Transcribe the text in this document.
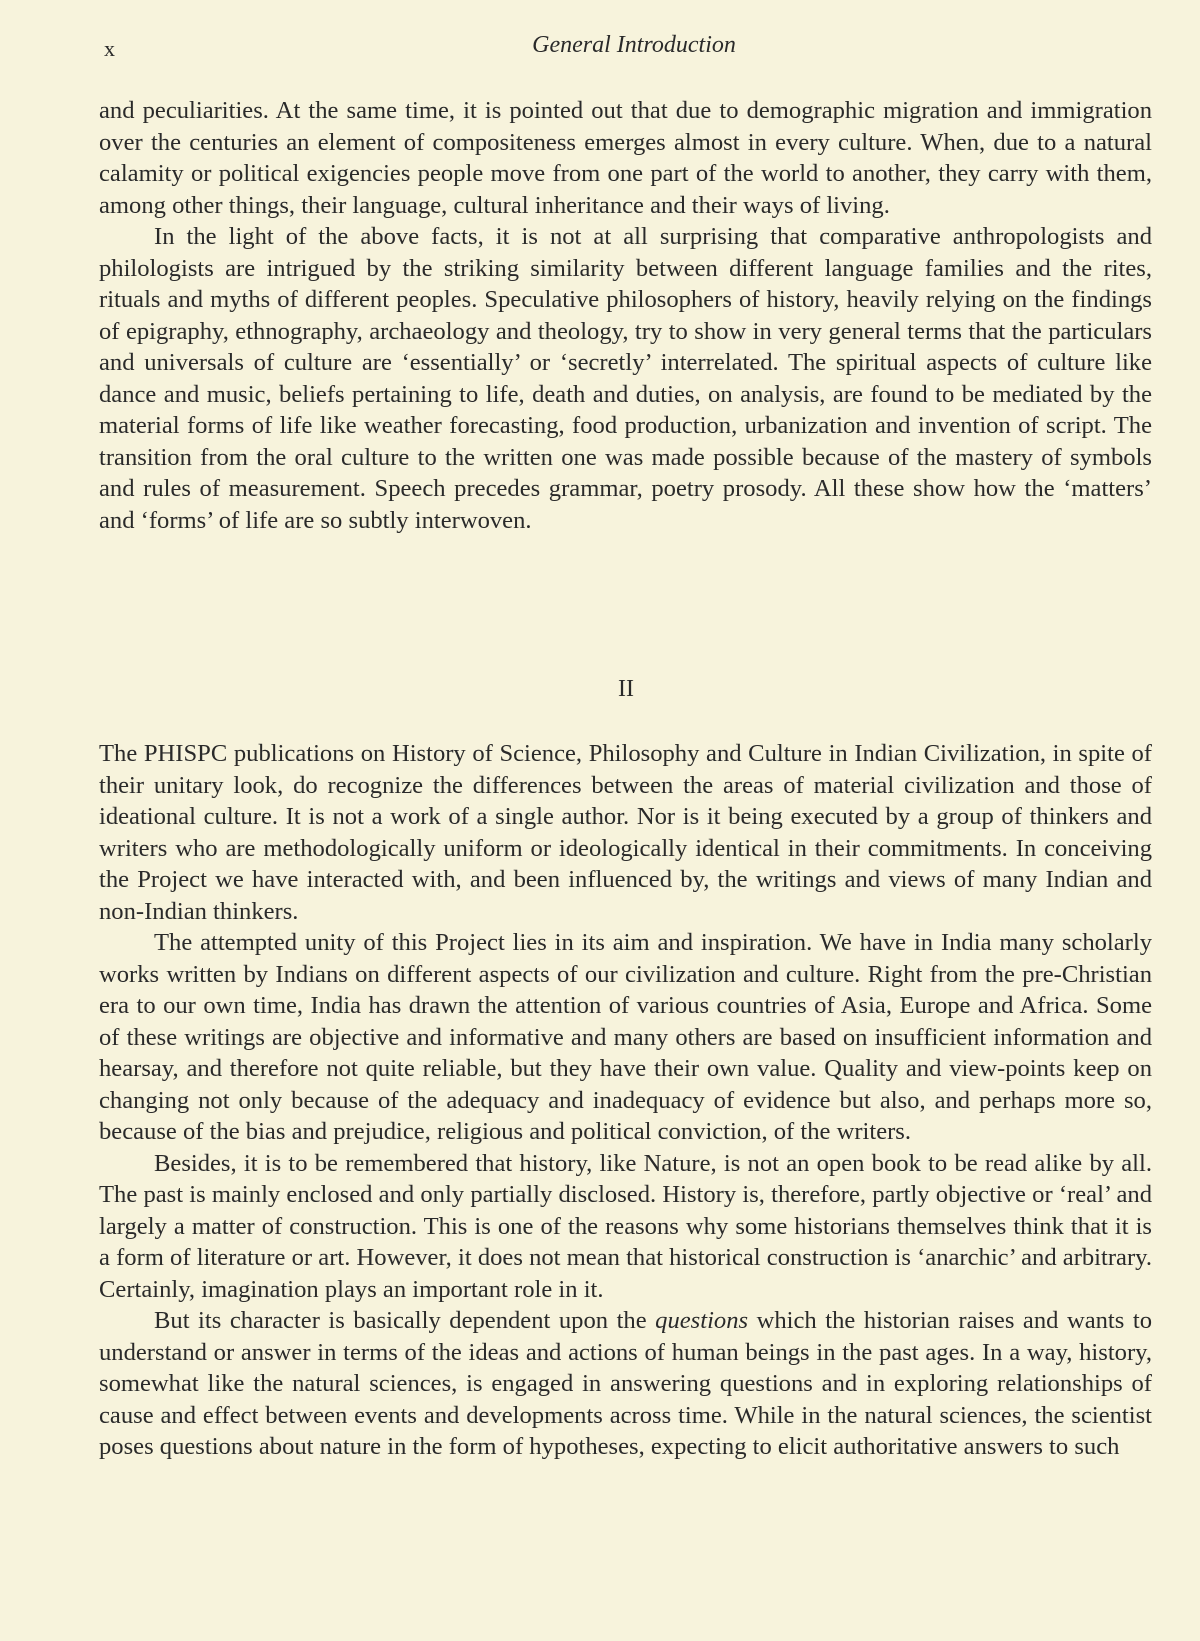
x	General Introduction

and peculiarities. At the same time, it is pointed out that due to demographic migration and immigration over the centuries an element of compositeness emerges almost in every culture. When, due to a natural calamity or political exigencies people move from one part of the world to another, they carry with them, among other things, their language, cultural inheritance and their ways of living.

In the light of the above facts, it is not at all surprising that comparative anthropologists and philologists are intrigued by the striking similarity between different language families and the rites, rituals and myths of different peoples. Speculative philosophers of history, heavily relying on the findings of epigraphy, ethnography, archaeology and theology, try to show in very general terms that the particulars and universals of culture are ‘essentially’ or ‘secretly’ interrelated. The spiritual aspects of culture like dance and music, beliefs pertaining to life, death and duties, on analysis, are found to be mediated by the material forms of life like weather forecasting, food production, urbanization and invention of script. The transition from the oral culture to the written one was made possible because of the mastery of symbols and rules of measurement. Speech precedes grammar, poetry prosody. All these show how the ‘matters’ and ‘forms’ of life are so subtly interwoven.

II

The PHISPC publications on History of Science, Philosophy and Culture in Indian Civilization, in spite of their unitary look, do recognize the differences between the areas of material civilization and those of ideational culture. It is not a work of a single author. Nor is it being executed by a group of thinkers and writers who are methodologically uniform or ideologically identical in their commitments. In conceiving the Project we have interacted with, and been influenced by, the writings and views of many Indian and non-Indian thinkers.

The attempted unity of this Project lies in its aim and inspiration. We have in India many scholarly works written by Indians on different aspects of our civilization and culture. Right from the pre-Christian era to our own time, India has drawn the attention of various countries of Asia, Europe and Africa. Some of these writings are objective and informative and many others are based on insufficient information and hearsay, and therefore not quite reliable, but they have their own value. Quality and view-points keep on changing not only because of the adequacy and inadequacy of evidence but also, and perhaps more so, because of the bias and prejudice, religious and political conviction, of the writers.

Besides, it is to be remembered that history, like Nature, is not an open book to be read alike by all. The past is mainly enclosed and only partially disclosed. History is, therefore, partly objective or ‘real’ and largely a matter of construction. This is one of the reasons why some historians themselves think that it is a form of literature or art. However, it does not mean that historical construction is ‘anarchic’ and arbitrary. Certainly, imagination plays an important role in it.

But its character is basically dependent upon the questions which the historian raises and wants to understand or answer in terms of the ideas and actions of human beings in the past ages. In a way, history, somewhat like the natural sciences, is engaged in answering questions and in exploring relationships of cause and effect between events and developments across time. While in the natural sciences, the scientist poses questions about nature in the form of hypotheses, expecting to elicit authoritative answers to such
